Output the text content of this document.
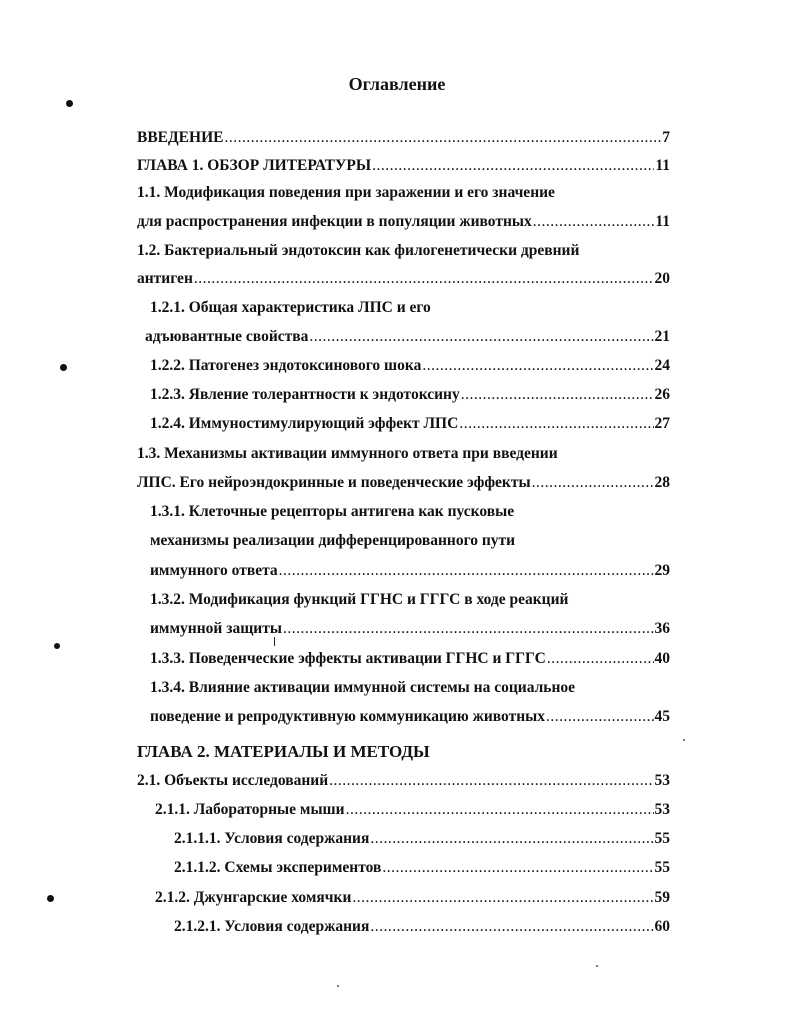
Оглавление
ВВЕДЕНИЕ .....	7
ГЛАВА 1. ОБЗОР ЛИТЕРАТУРЫ .....	11
1.1. Модификация поведения при заражении и его значение
для распространения инфекции в популяции животных .....	11
1.2. Бактериальный эндотоксин как филогенетически древний
антиген .....	20
1.2.1. Общая характеристика ЛПС и его
адъювантные свойства .....	21
1.2.2. Патогенез эндотоксинового шока .....	24
1.2.3. Явление толерантности к эндотоксину .....	26
1.2.4. Иммуностимулирующий эффект ЛПС .....	27
1.3. Механизмы активации иммунного ответа при введении
ЛПС. Его нейроэндокринные и поведенческие эффекты .....	28
1.3.1. Клеточные рецепторы антигена как пусковые
механизмы реализации дифференцированного пути
иммунного ответа .....	29
1.3.2. Модификация функций ГГНС и ГГГС в ходе реакций
иммунной защиты .....	36
1.3.3. Поведенческие эффекты активации ГГНС и ГГГС .....	40
1.3.4. Влияние активации иммунной системы на социальное
поведение и репродуктивную коммуникацию животных .....	45
ГЛАВА 2. МАТЕРИАЛЫ И МЕТОДЫ
2.1. Объекты исследований .....	53
2.1.1. Лабораторные мыши .....	53
2.1.1.1. Условия содержания .....	55
2.1.1.2. Схемы экспериментов .....	55
2.1.2. Джунгарские хомячки .....	59
2.1.2.1. Условия содержания .....	60
